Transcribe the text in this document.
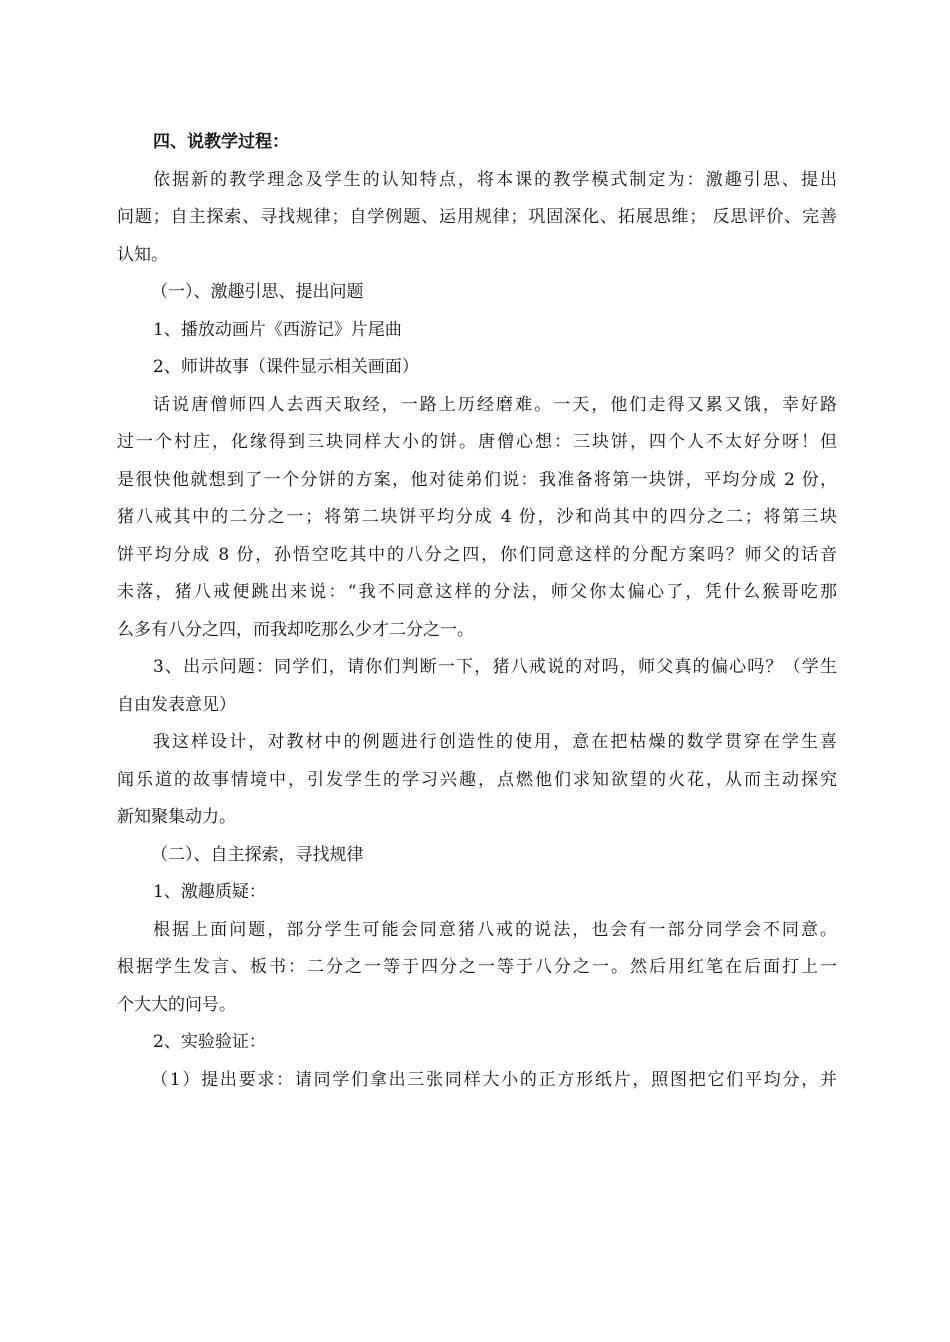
四、说教学过程：

依据新的教学理念及学生的认知特点，将本课的教学模式制定为：激趣引思、提出

问题；自主探索、寻找规律；自学例题、运用规律；巩固深化、拓展思维； 反思评价、完善

认知。

（一）、激趣引思、提出问题

1、播放动画片《西游记》片尾曲

2、师讲故事（课件显示相关画面）

话说唐僧师四人去西天取经，一路上历经磨难。一天，他们走得又累又饿，幸好路

过一个村庄，化缘得到三块同样大小的饼。唐僧心想：三块饼，四个人不太好分呀！但

是很快他就想到了一个分饼的方案，他对徒弟们说：我准备将第一块饼，平均分成 2 份，

猪八戒其中的二分之一；将第二块饼平均分成 4 份，沙和尚其中的四分之二；将第三块

饼平均分成 8 份，孙悟空吃其中的八分之四，你们同意这样的分配方案吗？师父的话音

未落，猪八戒便跳出来说：“我不同意这样的分法，师父你太偏心了，凭什么猴哥吃那

么多有八分之四，而我却吃那么少才二分之一。

3、出示问题：同学们，请你们判断一下，猪八戒说的对吗，师父真的偏心吗？（学生

自由发表意见）

我这样设计，对教材中的例题进行创造性的使用，意在把枯燥的数学贯穿在学生喜

闻乐道的故事情境中，引发学生的学习兴趣，点燃他们求知欲望的火花，从而主动探究

新知聚集动力。

（二）、自主探索，寻找规律

1、激趣质疑：

根据上面问题，部分学生可能会同意猪八戒的说法，也会有一部分同学会不同意。

根据学生发言、板书：二分之一等于四分之一等于八分之一。然后用红笔在后面打上一

个大大的问号。

2、实验验证：

（1）提出要求：请同学们拿出三张同样大小的正方形纸片，照图把它们平均分，并
